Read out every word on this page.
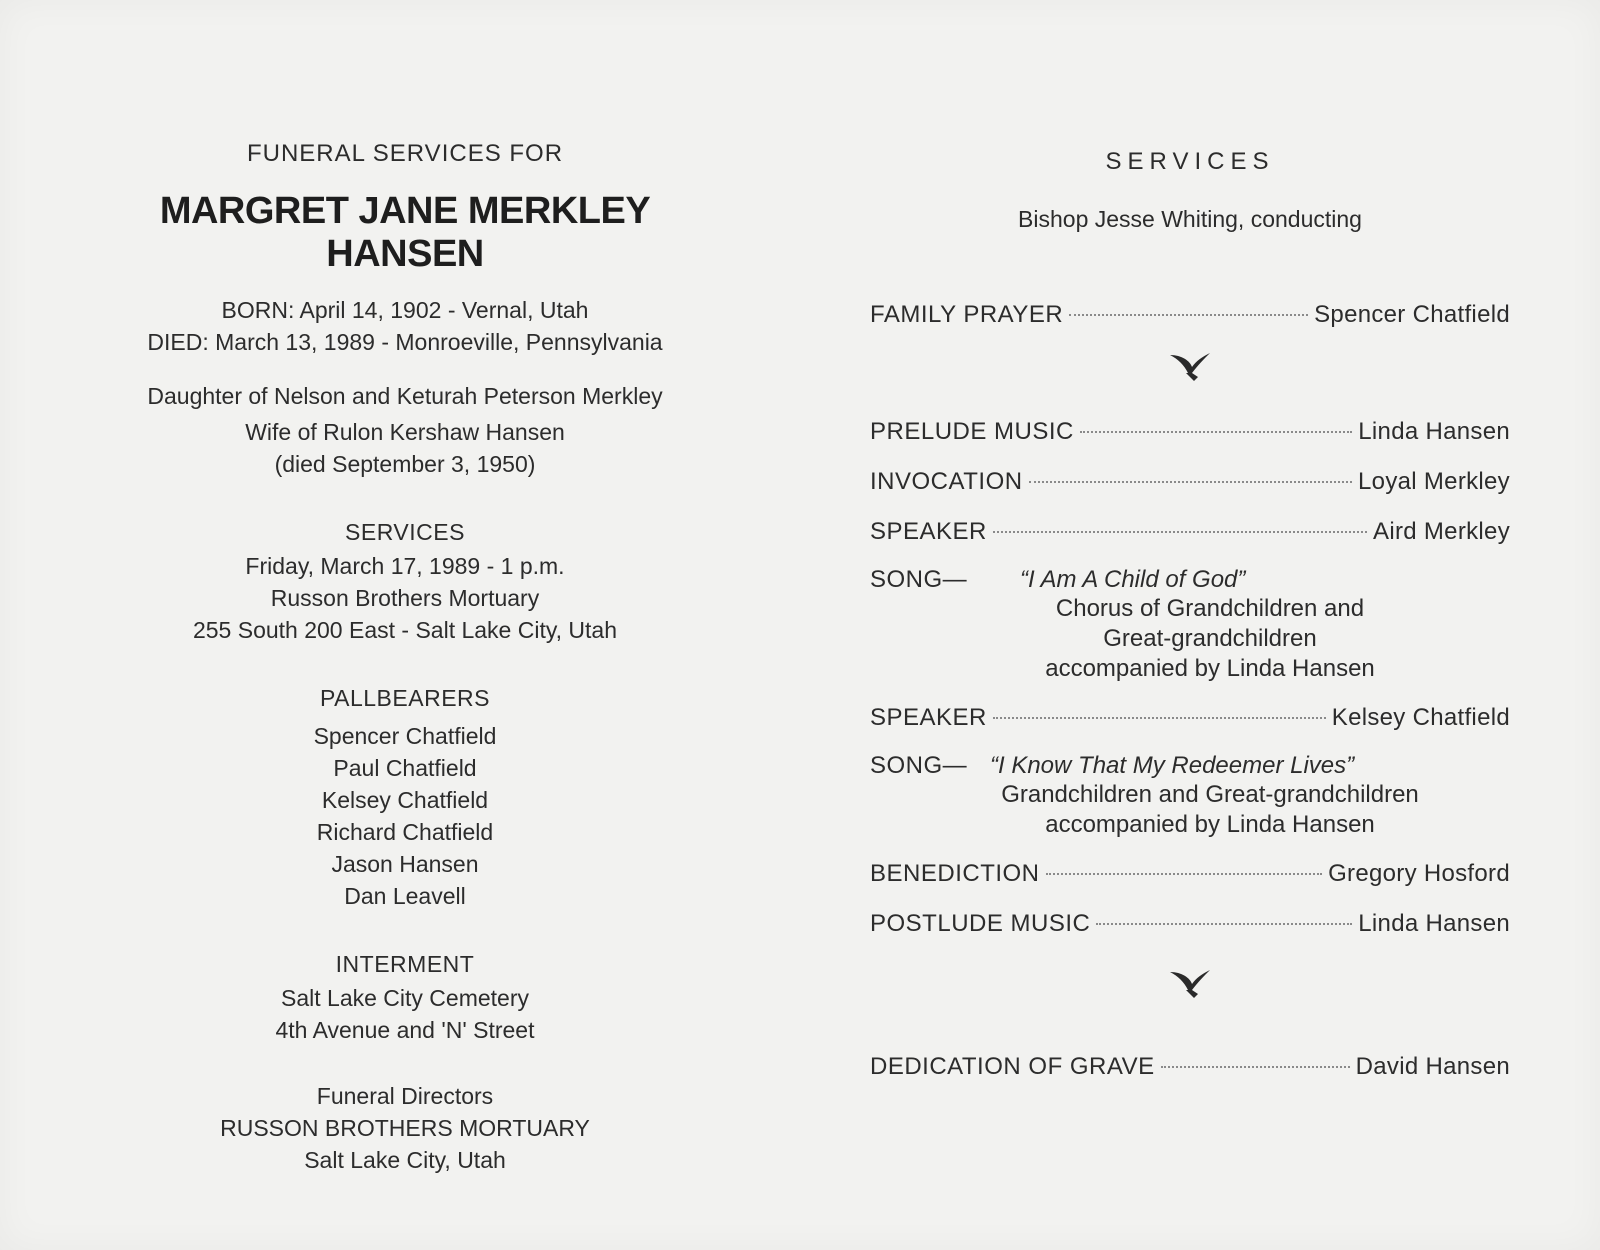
FUNERAL SERVICES FOR
MARGRET JANE MERKLEY HANSEN
BORN: April 14, 1902 - Vernal, Utah
DIED: March 13, 1989 - Monroeville, Pennsylvania
Daughter of Nelson and Keturah Peterson Merkley
Wife of Rulon Kershaw Hansen
(died September 3, 1950)
SERVICES
Friday, March 17, 1989 - 1 p.m.
Russon Brothers Mortuary
255 South 200 East - Salt Lake City, Utah
PALLBEARERS
Spencer Chatfield
Paul Chatfield
Kelsey Chatfield
Richard Chatfield
Jason Hansen
Dan Leavell
INTERMENT
Salt Lake City Cemetery
4th Avenue and 'N' Street
Funeral Directors
RUSSON BROTHERS MORTUARY
Salt Lake City, Utah
SERVICES
Bishop Jesse Whiting, conducting
FAMILY PRAYER	Spencer Chatfield
PRELUDE MUSIC	Linda Hansen
INVOCATION	Loyal Merkley
SPEAKER	Aird Merkley
SONG—	“I Am A Child of God”
Chorus of Grandchildren and
Great-grandchildren
accompanied by Linda Hansen
SPEAKER	Kelsey Chatfield
SONG— “I Know That My Redeemer Lives”
Grandchildren and Great-grandchildren
accompanied by Linda Hansen
BENEDICTION	Gregory Hosford
POSTLUDE MUSIC	Linda Hansen
DEDICATION OF GRAVE	David Hansen
